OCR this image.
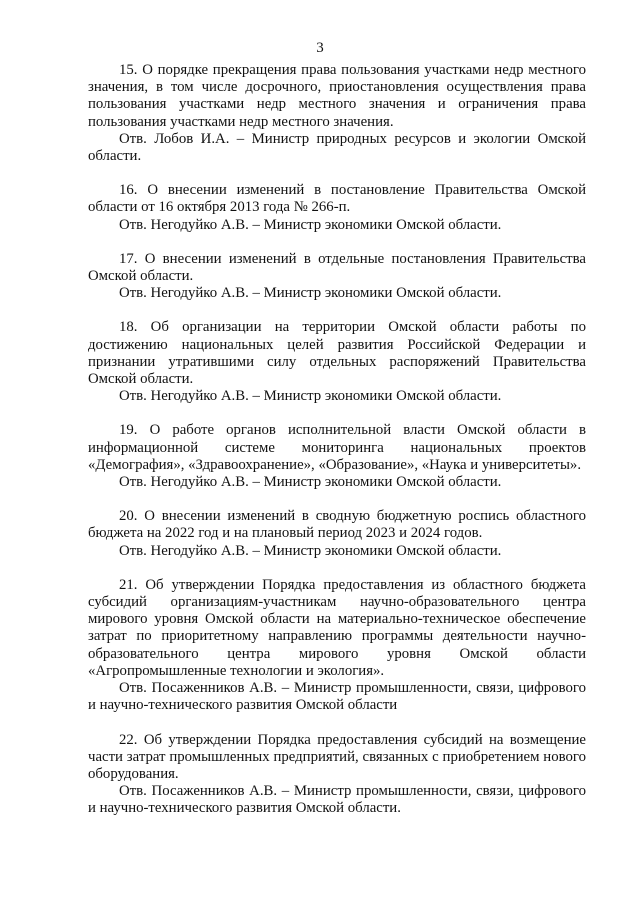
3

15. О порядке прекращения права пользования участками недр местного значения, в том числе досрочного, приостановления осуществления права пользования участками недр местного значения и ограничения права пользования участками недр местного значения.

Отв. Лобов И.А. – Министр природных ресурсов и экологии Омской области.

16. О внесении изменений в постановление Правительства Омской области от 16 октября 2013 года № 266-п.

Отв. Негодуйко А.В. – Министр экономики Омской области.

17. О внесении изменений в отдельные постановления Правительства Омской области.

Отв. Негодуйко А.В. – Министр экономики Омской области.

18. Об организации на территории Омской области работы по достижению национальных целей развития Российской Федерации и признании утратившими силу отдельных распоряжений Правительства Омской области.

Отв. Негодуйко А.В. – Министр экономики Омской области.

19. О работе органов исполнительной власти Омской области в информационной системе мониторинга национальных проектов «Демография», «Здравоохранение», «Образование», «Наука и университеты».

Отв. Негодуйко А.В. – Министр экономики Омской области.

20. О внесении изменений в сводную бюджетную роспись областного бюджета на 2022 год и на плановый период 2023 и 2024 годов.

Отв. Негодуйко А.В. – Министр экономики Омской области.

21. Об утверждении Порядка предоставления из областного бюджета субсидий организациям-участникам научно-образовательного центра мирового уровня Омской области на материально-техническое обеспечение затрат по приоритетному направлению программы деятельности научно-образовательного центра мирового уровня Омской области «Агропромышленные технологии и экология».

Отв. Посаженников А.В. – Министр промышленности, связи, цифрового и научно-технического развития Омской области

22. Об утверждении Порядка предоставления субсидий на возмещение части затрат промышленных предприятий, связанных с приобретением нового оборудования.

Отв. Посаженников А.В. – Министр промышленности, связи, цифрового и научно-технического развития Омской области.
